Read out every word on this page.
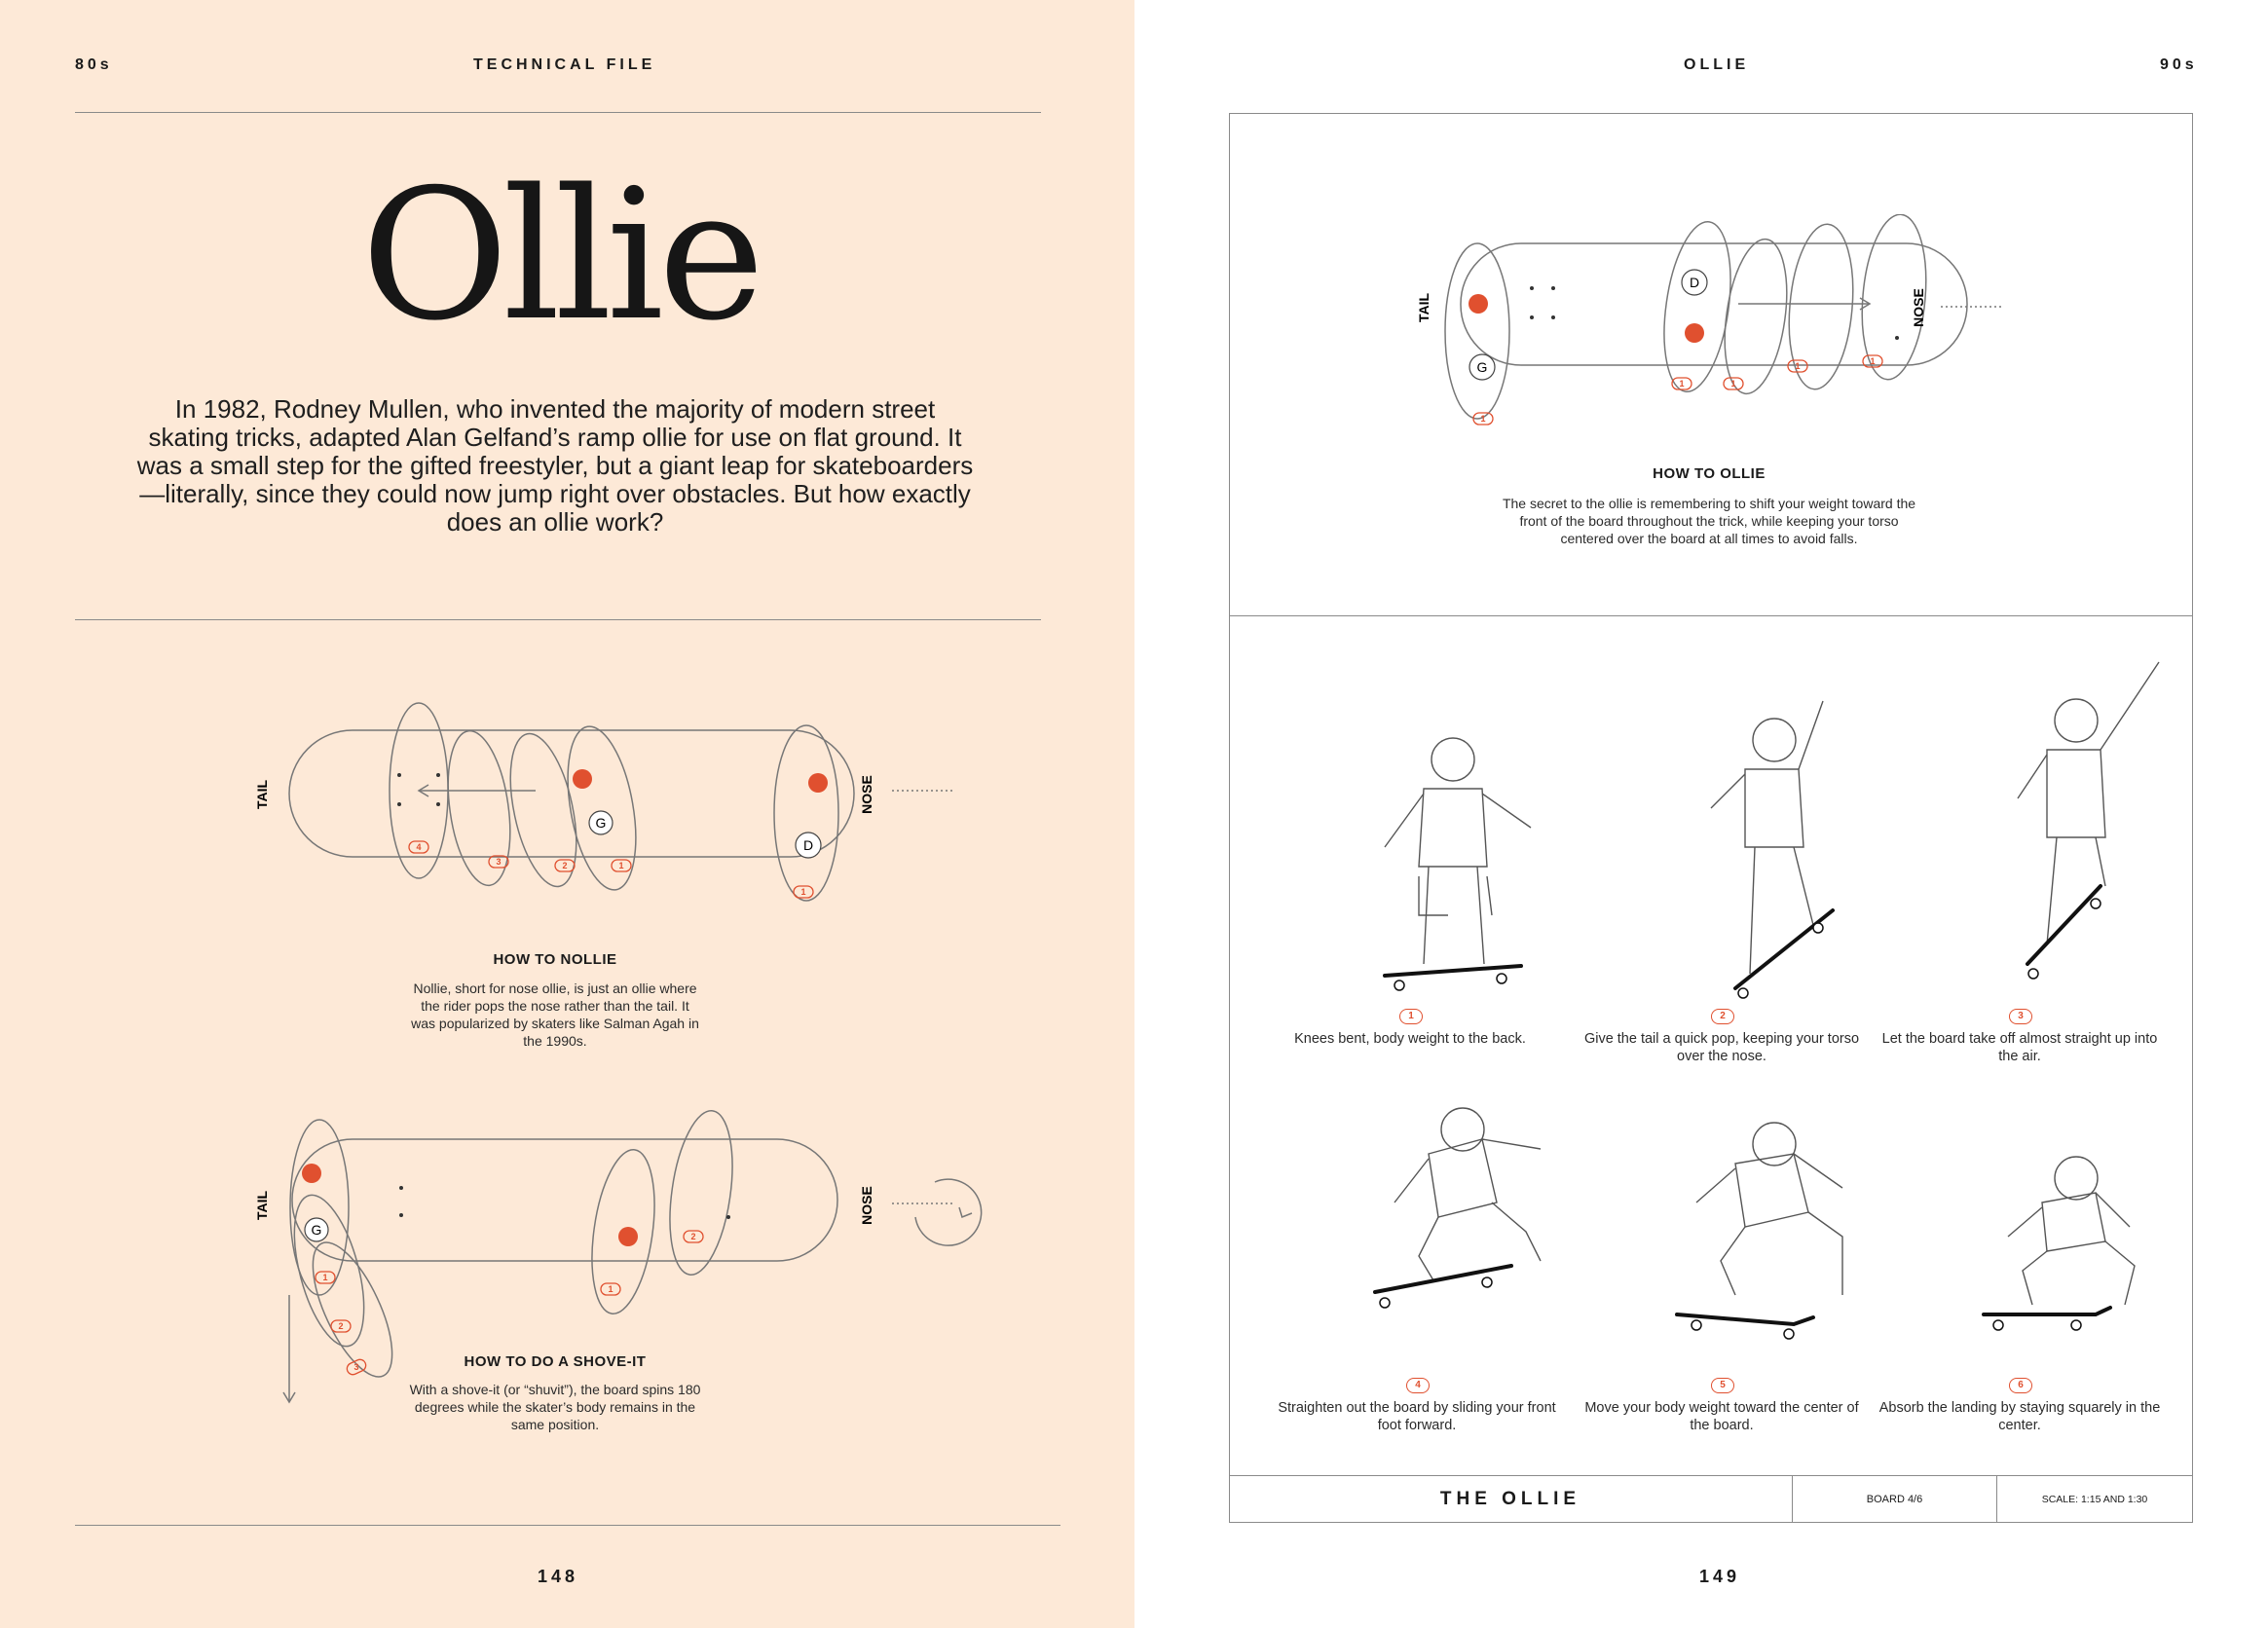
80s	TECHNICAL FILE
Ollie
In 1982, Rodney Mullen, who invented the majority of modern street skating tricks, adapted Alan Gelfand’s ramp ollie for use on flat ground. It was a small step for the gifted freestyler, but a giant leap for skateboarders—literally, since they could now jump right over obstacles. But how exactly does an ollie work?
G
D
4
3	2	1
1
TAIL	NOSE
HOW TO NOLLIE
Nollie, short for nose ollie, is just an ollie where the rider pops the nose rather than the tail. It was popularized by skaters like Salman Agah in the 1990s.
G
1
2
3
1
2
TAIL	NOSE
HOW TO DO A SHOVE-IT
With a shove-it (or “shuvit”), the board spins 180 degrees while the skater’s body remains in the same position.
148
OLLIE	90s
D
G
1
1	1
1	1
TAIL	NOSE
HOW TO OLLIE
The secret to the ollie is remembering to shift your weight toward the front of the board throughout the trick, while keeping your torso centered over the board at all times to avoid falls.
1
Knees bent, body weight to the back.
2
Give the tail a quick pop, keeping your torso over the nose.
3
Let the board take off almost straight up into the air.
4
Straighten out the board by sliding your front foot forward.
5
Move your body weight toward the center of the board.
6
Absorb the landing by staying squarely in the center.
THE OLLIE	BOARD 4/6	SCALE: 1:15 AND 1:30
149
